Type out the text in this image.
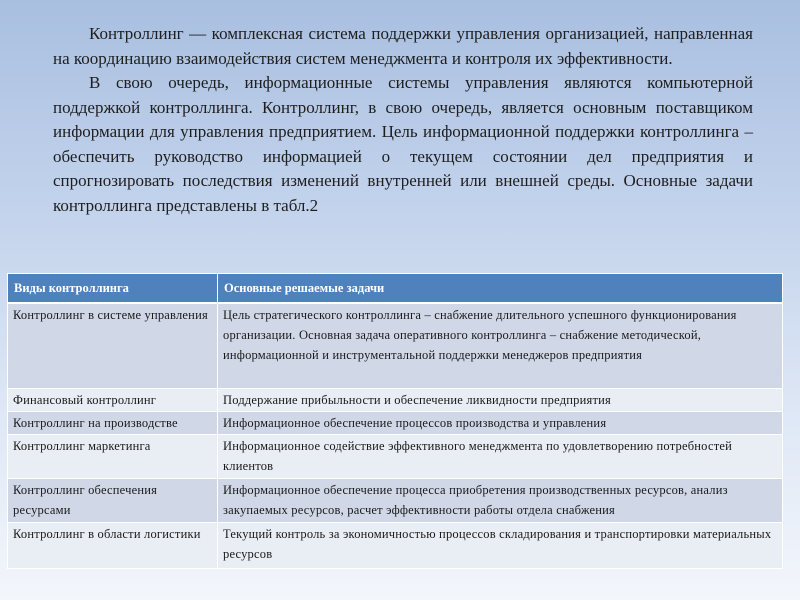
Контроллинг — комплексная система поддержки управления организацией, направленная на координацию взаимодействия систем менеджмента и контроля их эффективности.

В свою очередь, информационные системы управления являются компьютерной поддержкой контроллинга. Контроллинг, в свою очередь, является основным поставщиком информации для управления предприятием. Цель информационной поддержки контроллинга – обеспечить руководство информацией о текущем состоянии дел предприятия и спрогнозировать последствия изменений внутренней или внешней среды. Основные задачи контроллинга представлены в табл.2

Виды контроллинга	Основные решаемые задачи
Контроллинг в системе управления	Цель стратегического контроллинга – снабжение длительного успешного функционирования организации. Основная задача оперативного контроллинга – снабжение методической, информационной и инструментальной поддержки менеджеров предприятия
Финансовый контроллинг	Поддержание прибыльности и обеспечение ликвидности предприятия
Контроллинг на производстве	Информационное обеспечение процессов производства и управления
Контроллинг маркетинга	Информационное содействие эффективного менеджмента по удовлетворению потребностей клиентов
Контроллинг обеспечения ресурсами	Информационное обеспечение процесса приобретения производственных ресурсов, анализ закупаемых ресурсов, расчет эффективности работы отдела снабжения
Контроллинг в области логистики	Текущий контроль за экономичностью процессов складирования и транспортировки материальных ресурсов
